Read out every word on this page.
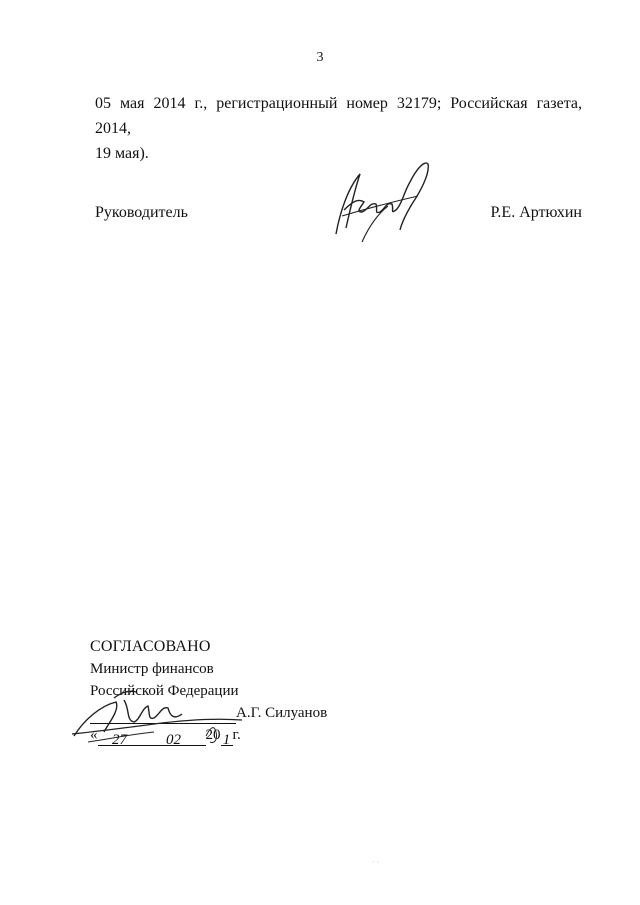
3
05 мая 2014 г., регистрационный номер 32179; Российская газета, 2014,
19 мая).
Руководитель	Р.Е. Артюхин
СОГЛАСОВАНО
Министр финансов
Российской Федерации
А.Г. Силуанов
« 27	02 20 1 г.
· ·
